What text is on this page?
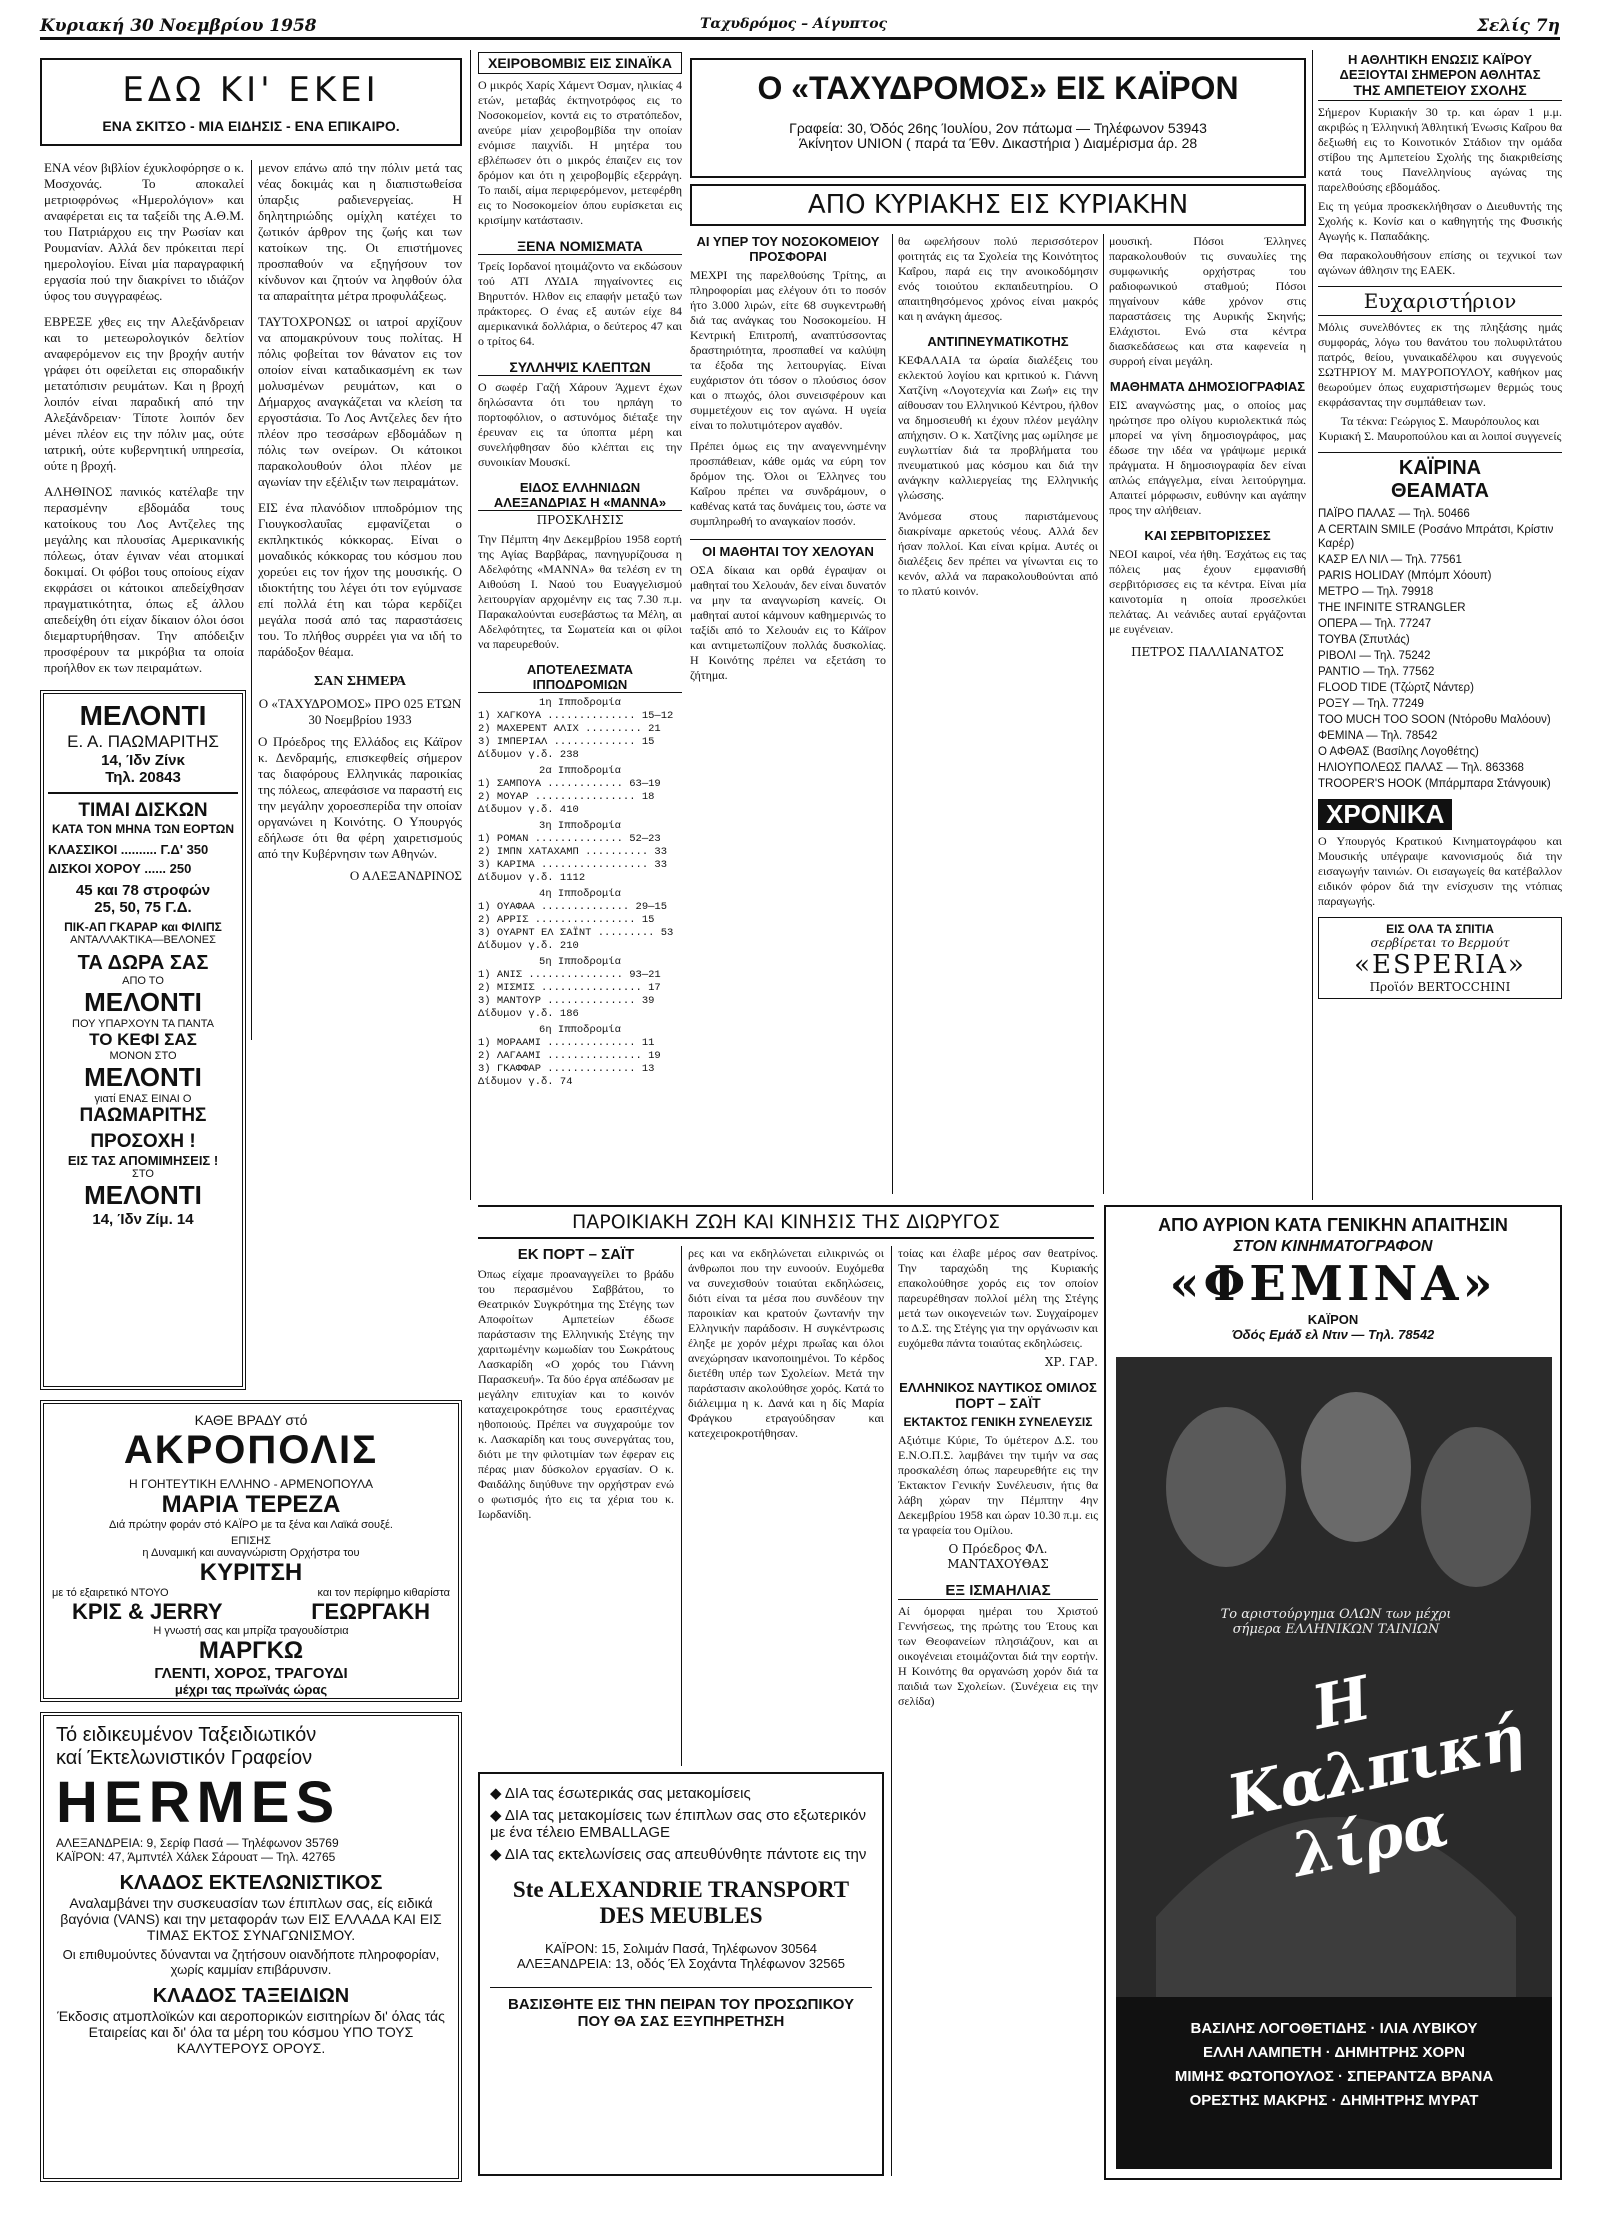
Κυριακή 30 Νοεμβρίου 1958	Ταχυδρόμος – Αίγυπτος	Σελίς 7η
ΕΔΩ ΚΙ' ΕΚΕΙ
ΕΝΑ ΣΚΙΤΣΟ - ΜΙΑ ΕΙΔΗΣΙΣ - ΕΝΑ ΕΠΙΚΑΙΡΟ.

ΕΝΑ νέον βιβλίον έχυκλοφόρησε ο κ. Μοσχονάς. Το αποκαλεί μετριοφρόνως «Ημερολόγιον» και αναφέρεται εις τα ταξείδι της Α.Θ.Μ. του Πατριάρχου εις την Ρωσίαν και Ρουμανίαν. Αλλά δεν πρόκειται περί ημερολογίου. Είναι μία παραγραφική εργασία πού την διακρίνει το ιδιάζον ύφος του συγγραφέως.

ΕΒΡΕΞΕ χθες εις την Αλεξάνδρειαν και το μετεωρολογικόν δελτίον αναφερόμενον εις την βροχήν αυτήν γράφει ότι οφείλεται εις σποραδικήν μετατόπισιν ρευμάτων. Και η βροχή λοιπόν είναι παραδική από την Αλεξάνδρειαν· Τίποτε λοιπόν δεν μένει πλέον εις την πόλιν μας, ούτε ιατρική, ούτε κυβερνητική υπηρεσία, ούτε η βροχή.

ΑΛΗΘΙΝΟΣ πανικός κατέλαβε την περασμένην εβδομάδα τους κατοίκους του Λος Αντζελες της μεγάλης και πλουσίας Αμερικανικής πόλεως, όταν έγιναν νέαι ατομικαί δοκιμαί. Οι φόβοι τους οποίους είχαν εκφράσει οι κάτοικοι απεδείχθησαν πραγματικότητα, όπως εξ άλλου απεδείχθη ότι είχαν δίκαιον όλοι όσοι διεμαρτυρήθησαν. Την απόδειξιν προσφέρουν τα μικρόβια τα οποία προήλθον εκ των πειραμάτων.

μενον επάνω από την πόλιν μετά τας νέας δοκιμάς και η διαπιστωθείσα ύπαρξις ραδιενεργείας. Η δηλητηριώδης ομίχλη κατέχει το ζωτικόν άρθρον της ζωής και των κατοίκων της. Οι επιστήμονες προσπαθούν να εξηγήσουν τον κίνδυνον και ζητούν να ληφθούν όλα τα απαραίτητα μέτρα προφυλάξεως.

ΤΑΥΤΟΧΡΟΝΩΣ οι ιατροί αρχίζουν να απομακρύνουν τους πολίτας. Η πόλις φοβείται τον θάνατον εις τον οποίον είναι καταδικασμένη εκ των μολυσμένων ρευμάτων, και ο Δήμαρχος αναγκάζεται να κλείση τα εργοστάσια. Το Λος Αντζελες δεν ήτο πλέον προ τεσσάρων εβδομάδων η πόλις των ονείρων. Οι κάτοικοι παρακολουθούν όλοι πλέον με αγωνίαν την εξέλιξιν των πειραμάτων.

ΕΙΣ ένα πλανόδιον ιπποδρόμιον της Γιουγκοσλαυΐας εμφανίζεται ο εκπληκτικός κόκκορας. Είναι ο μοναδικός κόκκορας του κόσμου που χορεύει εις τον ήχον της μουσικής. Ο ιδιοκτήτης του λέγει ότι τον εγύμνασε επί πολλά έτη και τώρα κερδίζει μεγάλα ποσά από τας παραστάσεις του. Το πλήθος συρρέει για να ιδή το παράδοξον θέαμα.

ΣΑΝ ΣΗΜΕΡΑ

Ο «ΤΑΧΥΔΡΟΜΟΣ» ΠΡΟ 025 ΕΤΩΝ

30 Νοεμβρίου 1933

Ο Πρόεδρος της Ελλάδος εις Κάϊρον κ. Δενδραμής, επισκεφθείς σήμερον τας διαφόρους Ελληνικάς παροικίας της πόλεως, απεφάσισε να παραστή εις την μεγάλην χοροεσπερίδα την οποίαν οργανώνει η Κοινότης. Ο Υπουργός εδήλωσε ότι θα φέρη χαιρετισμούς από την Κυβέρνησιν των Αθηνών.

Ο ΑΛΕΞΑΝΔΡΙΝΟΣ

ΜΕΛΟΝΤΙ
Ε. Α. ΠΑΩΜΑΡΙΤΗΣ
14, Ίδν Ζίνκ
Τηλ. 20843
ΤΙΜΑΙ ΔΙΣΚΩΝ
ΚΑΤΑ ΤΟΝ ΜΗΝΑ ΤΩΝ ΕΟΡΤΩΝ
ΚΛΑΣΣΙΚΟΙ .......... Γ.Δ' 350
ΔΙΣΚΟΙ ΧΟΡΟΥ ...... 250
45 και 78 στροφών
25, 50, 75 Γ.Δ.
ΠΙΚ-ΑΠ ΓΚΑΡΑΡ και ΦΙΛΙΠΣ
ΑΝΤΑΛΛΑΚΤΙΚΑ—ΒΕΛΟΝΕΣ
ΤΑ ΔΩΡΑ ΣΑΣ
ΑΠΟ ΤΟ
ΜΕΛΟΝΤΙ
ΠΟΥ ΥΠΑΡΧΟΥΝ ΤΑ ΠΑΝΤΑ
ΤΟ ΚΕΦΙ ΣΑΣ
ΜΟΝΟΝ ΣΤΟ
ΜΕΛΟΝΤΙ
γιατί ΕΝΑΣ ΕΙΝΑΙ Ο
ΠΑΩΜΑΡΙΤΗΣ
ΠΡΟΣΟΧΗ !
ΕΙΣ ΤΑΣ ΑΠΟΜΙΜΗΣΕΙΣ !
ΣΤΟ
ΜΕΛΟΝΤΙ
14, Ίδν Ζίμ. 14
ΚΑΘΕ ΒΡΑΔΥ στό
ΑΚΡΟΠΟΛΙΣ
Η ΓΟΗΤΕΥΤΙΚΗ ΕΛΛΗΝΟ - ΑΡΜΕΝΟΠΟΥΛΑ
ΜΑΡΙΑ ΤΕΡΕΖΑ
Διά πρώτην φοράν στό ΚΑΪΡΟ με τα ξένα και Λαϊκά σουξέ.
ΕΠΙΣΗΣ
η Δυναμική και αυναγνώριστη Ορχήστρα του
ΚΥΡΙΤΣΗ
με τό εξαιρετικό ΝΤΟΥΟ	και τον περίφημο κιθαρίστα
ΚΡΙΣ & JERRY	ΓΕΩΡΓΑΚΗ
Η γνωστή σας και μπρίζα τραγουδίστρια
ΜΑΡΓΚΩ
ΓΛΕΝΤΙ, ΧΟΡΟΣ, ΤΡΑΓΟΥΔΙ
μέχρι τας πρωϊνάς ώρας
Τό ειδικευμένον Ταξειδιωτικόν
καί Έκτελωνιστικόν Γραφείον
HERMES
ΑΛΕΞΑΝΔΡΕΙΑ: 9, Σερίφ Πασά — Τηλέφωνον 35769
ΚΑΪΡΟΝ: 47, Άμπντέλ Χάλεκ Σάρουατ — Τηλ. 42765
ΚΛΑΔΟΣ ΕΚΤΕΛΩΝΙΣΤΙΚΟΣ
Αναλαμβάνει την συσκευασίαν των έπιπλων σας, είς ειδικά βαγόνια (VANS) και την μεταφοράν των ΕΙΣ ΕΛΛΑΔΑ ΚΑΙ ΕΙΣ ΤΙΜΑΣ ΕΚΤΟΣ ΣΥΝΑΓΩΝΙΣΜΟΥ.
Οι επιθυμούντες δύνανται να ζητήσουν οιανδήποτε πληροφορίαν, χωρίς καμμίαν επιβάρυνσιν.
ΚΛΑΔΟΣ ΤΑΞΕΙΔΙΩΝ
Έκδοσις ατμοπλοϊκών και αεροπορικών εισιτηρίων δι' όλας τάς Εταιρείας και δι' όλα τα μέρη του κόσμου ΥΠΟ ΤΟΥΣ ΚΑΛΥΤΕΡΟΥΣ ΟΡΟΥΣ.
ΧΕΙΡΟΒΟΜΒΙΣ ΕΙΣ ΣΙΝΑΪΚΑ

Ο μικρός Χαρίς Χάμεντ Όσμαν, ηλικίας 4 ετών, μεταβάς έκτηνοτρόφος εις το Νοσοκομείον, κοντά εις το στρατόπεδον, ανεύρε μίαν χειροβομβίδα την οποίαν ενόμισε παιχνίδι. Η μητέρα του εβλέπωσεν ότι ο μικρός έπαιζεν εις τον δρόμον και ότι η χειροβομβίς εξερράγη. Το παιδί, αίμα περιφερόμενον, μετεφέρθη εις το Νοσοκομείον όπου ευρίσκεται εις κρισίμην κατάστασιν.

ΞΕΝΑ ΝΟΜΙΣΜΑΤΑ

Τρείς Ιορδανοί ητοιμάζοντο να εκδώσουν τού ΑΤΙ ΛΥΔΙΑ πηγαίνοντες εις Βηρυττόν. Ηλθον εις επαφήν μεταξύ των πράκτορες. Ο ένας εξ αυτών είχε 84 αμερικανικά δολλάρια, ο δεύτερος 47 και ο τρίτος 64.

ΣΥΛΛΗΨΙΣ ΚΛΕΠΤΩΝ

Ο σωφέρ Γαζή Χάρουν Άχμεντ έχων δηλώσαντα ότι του ηρπάγη το πορτοφόλιον, ο αστυνόμος διέταξε την έρευναν εις τα ύποπτα μέρη και συνελήφθησαν δύο κλέπται εις την συνοικίαν Μουσκί.

ΕΙΔΟΣ ΕΛΛΗΝΙΔΩΝ ΑΛΕΞΑΝΔΡΙΑΣ Η «ΜΑΝΝΑ»
ΠΡΟΣΚΛΗΣΙΣ

Την Πέμπτη 4ην Δεκεμβρίου 1958 εορτή της Αγίας Βαρβάρας, πανηγυρίζουσα η Αδελφότης «ΜΑΝΝΑ» θα τελέση εν τη Αιθούση Ι. Ναού του Ευαγγελισμού λειτουργίαν αρχομένην εις τας 7.30 π.μ. Παρακαλούνται ευσεβάστως τα Μέλη, αι Αδελφότητες, τα Σωματεία και οι φίλοι να παρευρεθούν.

ΑΠΟΤΕΛΕΣΜΑΤΑ ΙΠΠΟΔΡΟΜΙΩΝ
1η Ιπποδρομία
1) ΧΑΓΚΟΥΑ .............. 15—12
2) ΜΑΧΕΡΕΝΤ ΑΛΙΧ ......... 21
3) ΙΜΠΕΡΙΑΛ ............. 15
Δίδυμον γ.δ. 238
2α Ιπποδρομία
1) ΣΑΜΠΟΥΑ ............ 63—19
2) ΜΟΥΑΡ ................ 18
Δίδυμον γ.δ. 410
3η Ιπποδρομία
1) ΡΟΜΑΝ .............. 52—23
2) ΙΜΠΝ ΧΑΤΑΧΑΜΠ .......... 33
3) ΚΑΡΙΜΑ ................. 33
Δίδυμον γ.δ. 1112
4η Ιπποδρομία
1) ΟΥΑΦΑΑ .............. 29—15
2) ΑΡΡΙΣ ................ 15
3) ΟΥΑΡΝΤ ΕΛ ΣΑΪΝΤ ......... 53
Δίδυμον γ.δ. 210
5η Ιπποδρομία
1) ΑΝΙΣ ............... 93—21
2) ΜΙΣΜΙΣ ................ 17
3) ΜΑΝΤΟΥΡ .............. 39
Δίδυμον γ.δ. 186
6η Ιπποδρομία
1) ΜΟΡΑΑΜΙ .............. 11
2) ΛΑΓΑΑΜΙ ............... 19
3) ΓΚΑΦΦΑΡ .............. 13
Δίδυμον γ.δ. 74
Ο «ΤΑΧΥΔΡΟΜΟΣ» ΕΙΣ ΚΑΪΡΟΝ
Γραφεία: 30, Όδός 26ης Ίουλίου, 2ον πάτωμα — Τηλέφωνον 53943
Άκίνητον UNION ( παρά τα Έθν. Δικαστήρια ) Διαμέρισμα άρ. 28
ΑΠΟ ΚΥΡΙΑΚΗΣ ΕΙΣ ΚΥΡΙΑΚΗΝ
ΑΙ ΥΠΕΡ ΤΟΥ ΝΟΣΟΚΟΜΕΙΟΥ ΠΡΟΣΦΟΡΑΙ

ΜΕΧΡΙ της παρελθούσης Τρίτης, αι πληροφορίαι μας ελέγουν ότι το ποσόν ήτο 3.000 λιρών, είτε 68 συγκεντρωθή διά τας ανάγκας του Νοσοκομείου. Η Κεντρική Επιτροπή, αναπτύσσοντας δραστηριότητα, προσπαθεί να καλύψη τα έξοδα της λειτουργίας. Είναι ευχάριστον ότι τόσον ο πλούσιος όσον και ο πτωχός, όλοι συνεισφέρουν και συμμετέχουν εις τον αγώνα. Η υγεία είναι το πολυτιμότερον αγαθόν.

Πρέπει όμως εις την αναγεννημένην προσπάθειαν, κάθε ομάς να εύρη τον δρόμον της. Όλοι οι Έλληνες του Καΐρου πρέπει να συνδράμουν, ο καθένας κατά τας δυνάμεις του, ώστε να συμπληρωθή το αναγκαίον ποσόν.

ΟΙ ΜΑΘΗΤΑΙ ΤΟΥ ΧΕΛΟΥΑΝ

ΟΣΑ δίκαια και ορθά έγραψαν οι μαθηταί του Χελουάν, δεν είναι δυνατόν να μην τα αναγνωρίση κανείς. Οι μαθηταί αυτοί κάμνουν καθημερινώς το ταξίδι από το Χελουάν εις το Κάϊρον και αντιμετωπίζουν πολλάς δυσκολίας. Η Κοινότης πρέπει να εξετάση το ζήτημα.

θα ωφελήσουν πολύ περισσότερον φοιτητάς εις τα Σχολεία της Κοινότητος Καΐρου, παρά εις την ανοικοδόμησιν ενός τοιούτου εκπαιδευτηρίου. Ο απαιτηθησόμενος χρόνος είναι μακρός και η ανάγκη άμεσος.

ΑΝΤΙΠΝΕΥΜΑΤΙΚΟΤΗΣ

ΚΕΦΑΛΑΙΑ τα ώραία διαλέξεις του εκλεκτού λογίου και κριτικού κ. Γιάννη Χατζίνη «Λογοτεχνία και Ζωή» εις την αίθουσαν του Ελληνικού Κέντρου, ήλθον να δημοσιευθή κι έχουν πλέον μεγάλην απήχησιν. Ο κ. Χατζίνης μας ωμίλησε με ευγλωττίαν διά τα προβλήματα του πνευματικού μας κόσμου και διά την ανάγκην καλλιεργείας της Ελληνικής γλώσσης.

Άνόμεσα στους παριστάμενους διακρίναμε αρκετούς νέους. Αλλά δεν ήσαν πολλοί. Και είναι κρίμα. Αυτές οι διαλέξεις δεν πρέπει να γίνωνται εις το κενόν, αλλά να παρακολουθούνται από το πλατύ κοινόν.

μουσική. Πόσοι Έλληνες παρακολουθούν τις συναυλίες της συμφωνικής ορχήστρας του ραδιοφωνικού σταθμού; Πόσοι πηγαίνουν κάθε χρόνον στις παραστάσεις της Αυρικής Σκηνής; Ελάχιστοι. Ενώ στα κέντρα διασκεδάσεως και στα καφενεία η συρροή είναι μεγάλη.

ΜΑΘΗΜΑΤΑ ΔΗΜΟΣΙΟΓΡΑΦΙΑΣ

ΕΙΣ αναγνώστης μας, ο οποίος μας ηρώτησε προ ολίγου κυριολεκτικά πώς μπορεί να γίνη δημοσιογράφος, μας έδωσε την ιδέα να γράψωμε μερικά πράγματα. Η δημοσιογραφία δεν είναι απλώς επάγγελμα, είναι λειτούργημα. Απαιτεί μόρφωσιν, ευθύνην και αγάπην προς την αλήθειαν.

ΚΑΙ ΣΕΡΒΙΤΟΡΙΣΣΕΣ

ΝΕΟΙ καιροί, νέα ήθη. Έσχάτως εις τας πόλεις μας έχουν εμφανισθή σερβιτόρισσες εις τα κέντρα. Είναι μία καινοτομία η οποία προσελκύει πελάτας. Αι νεάνιδες αυταί εργάζονται με ευγένειαν.

ΠΕΤΡΟΣ ΠΑΛΛΙΑΝΑΤΟΣ

Η ΑΘΛΗΤΙΚΗ ΕΝΩΣΙΣ ΚΑΪΡΟΥ
ΔΕΞΙΟΥΤΑΙ ΣΗΜΕΡΟΝ ΑΘΛΗΤΑΣ
ΤΗΣ ΑΜΠΕΤΕΙΟΥ ΣΧΟΛΗΣ

Σήμερον Κυριακήν 30 τρ. και ώραν 1 μ.μ. ακριβώς η Έλληνική Άθλητική Ένωσις Καΐρου θα δεξιωθή εις το Κοινοτικόν Στάδιον την ομάδα στίβου της Αμπετείου Σχολής της διακριθείσης κατά τους Πανελληνίους αγώνας της παρελθούσης εβδομάδος.

Εις τη γεύμα προσκεκλήθησαν ο Διευθυντής της Σχολής κ. Κονίσ και ο καθηγητής της Φυσικής Αγωγής κ. Παπαδάκης.

Θα παρακολουθήσουν επίσης οι τεχνικοί των αγώνων άθλησιν της ΕΑΕΚ.

Ευχαριστήριον

Μόλις συνελθόντες εκ της πληξάσης ημάς συμφοράς, λόγω του θανάτου του πολυφιλτάτου πατρός, θείου, γυναικαδέλφου και συγγενούς ΣΩΤΗΡΙΟΥ Μ. ΜΑΥΡΟΠΟΥΛΟΥ, καθήκον μας θεωρούμεν όπως ευχαριστήσωμεν θερμώς τους εκφράσαντας την συμπάθειαν των.

Τα τέκνα: Γεώργιος Σ. Μαυρόπουλος και Κυριακή Σ. Μαυροπούλου και αι λοιποί συγγενείς

ΚΑΪΡΙΝΑ
ΘΕΑΜΑΤΑ
ΠΑΪΡΟ ΠΑΛΑΣ — Τηλ. 50466
A CERTAIN SMILE (Ροσάνο Μπράτσι, Κρίστιν Καρέρ)
ΚΑΣΡ ΕΛ ΝΙΛ — Τηλ. 77561
PARIS HOLIDAY (Μπόμπ Χόουπ)
ΜΕΤΡΟ — Τηλ. 79918
THE INFINITE STRANGLER
ΟΠΕΡΑ — Τηλ. 77247
ΤΟΥΒΑ (Σπυτλάς)
ΡΙΒΟΛΙ — Τηλ. 75242
ΡΑΝΤΙΟ — Τηλ. 77562
FLOOD TIDE (Τζώρτζ Νάντερ)
ΡΟΞΥ — Τηλ. 77249
TOO MUCH TOO SOON (Ντόροθυ Μαλόουν)
ΦΕΜΙΝΑ — Τηλ. 78542
Ο ΑΦΘΑΣ (Βασίλης Λογοθέτης)
ΗΛΙΟΥΠΟΛΕΩΣ ΠΑΛΑΣ — Τηλ. 863368
TROOPER'S HOOK (Μπάρμπαρα Στάνγουικ)
ΧΡΟΝΙΚΑ

Ο Υπουργός Κρατικού Κινηματογράφου και Μουσικής υπέγραψε κανονισμούς διά την εισαγωγήν ταινιών. Οι εισαγωγείς θα κατέβαλλον ειδικόν φόρον διά την ενίσχυσιν της ντόπιας παραγωγής.

ΕΙΣ ΟΛΑ ΤΑ ΣΠΙΤΙΑ
σερβίρεται το Βερμούτ
«ESPERIA»
Προϊόν BERTOCCHINI
ΠΑΡΟΙΚΙΑΚΗ ΖΩΗ ΚΑΙ ΚΙΝΗΣΙΣ ΤΗΣ ΔΙΩΡΥΓΟΣ
ΕΚ ΠΟΡΤ – ΣΑΪΤ

Όπως είχαμε προαναγγείλει το βράδυ του περασμένου Σαββάτου, το Θεατρικόν Συγκρότημα της Στέγης των Αποφοίτων Αμπετείων έδωσε παράστασιν της Ελληνικής Στέγης την χαριτωμένην κωμωδίαν του Σωκράτους Λασκαρίδη «Ο χορός του Γιάννη Παρασκευή». Τα δύο έργα απέδωσαν με μεγάλην επιτυχίαν και το κοινόν καταχειροκρότησε τους ερασιτέχνας ηθοποιούς. Πρέπει να συγχαρούμε τον κ. Λασκαρίδη και τους συνεργάτας του, διότι με την φιλοτιμίαν των έφεραν εις πέρας μιαν δύσκολον εργασίαν. Ο κ. Φαιδάλης διηύθυνε την ορχήστραν ενώ ο φωτισμός ήτο εις τα χέρια του κ. Ιωρδανίδη.

ρες και να εκδηλώνεται ειλικρινώς οι άνθρωποι που την ευνοούν. Ευχόμεθα να συνεχισθούν τοιαύται εκδηλώσεις, διότι είναι τα μέσα που συνδέουν την παροικίαν και κρατούν ζωντανήν την Ελληνικήν παράδοσιν. Η συγκέντρωσις έληξε με χορόν μέχρι πρωΐας και όλοι ανεχώρησαν ικανοποιημένοι. Το κέρδος διετέθη υπέρ των Σχολείων. Μετά την παράστασιν ακολούθησε χορός. Κατά το διάλειμμα η κ. Δανά και η δίς Μαρία Φράγκου ετραγούδησαν και κατεχειροκροτήθησαν.

τοίας και έλαβε μέρος σαν θεατρίνος. Την ταραχώδη της Κυριακής επακολούθησε χορός εις τον οποίον παρευρέθησαν πολλοί μέλη της Στέγης μετά των οικογενειών των. Συγχαίρομεν το Δ.Σ. της Στέγης για την οργάνωσιν και ευχόμεθα πάντα τοιαύτας εκδηλώσεις.

ΧΡ. ΓΑΡ.

ΕΛΛΗΝΙΚΟΣ ΝΑΥΤΙΚΟΣ ΟΜΙΛΟΣ
ΠΟΡΤ – ΣΑΪΤ
ΕΚΤΑΚΤΟΣ ΓΕΝΙΚΗ ΣΥΝΕΛΕΥΣΙΣ

Αξιότιμε Κύριε, Το ύμέτερον Δ.Σ. του Ε.Ν.Ο.Π.Σ. λαμβάνει την τιμήν να σας προσκαλέση όπως παρευρεθήτε εις την Έκτακτον Γενικήν Συνέλευσιν, ήτις θα λάβη χώραν την Πέμπτην 4ην Δεκεμβρίου 1958 και ώραν 10.30 π.μ. εις τα γραφεία του Ομίλου.

Ο Πρόεδρος ΦΛ. ΜΑΝΤΑΧΟΥΘΑΣ

ΕΞ ΙΣΜΑΗΛΙΑΣ

Αί όμορφαι ημέραι του Χριστού Γεννήσεως, της πρώτης του Έτους και των Θεοφανείων πλησιάζουν, και αι οικογένειαι ετοιμάζονται διά την εορτήν. Η Κοινότης θα οργανώση χορόν διά τα παιδιά των Σχολείων. (Συνέχεια εις την σελίδα)

◆ ΔΙΑ τας έσωτερικάς σας μετακομίσεις
◆ ΔΙΑ τας μετακομίσεις των έπιπλων σας στο εξωτερικόν με ένα τέλειο EMBALLAGE
◆ ΔΙΑ τας εκτελωνίσεις σας απευθύνθητε πάντοτε εις την
Ste ALEXANDRIE TRANSPORT
DES MEUBLES
ΚΑΪΡΟΝ: 15, Σολιμάν Πασά, Τηλέφωνον 30564
ΑΛΕΞΑΝΔΡΕΙΑ: 13, οδός Έλ Σοχάντα Τηλέφωνον 32565
ΒΑΣΙΣΘΗΤΕ ΕΙΣ ΤΗΝ ΠΕΙΡΑΝ ΤΟΥ ΠΡΟΣΩΠΙΚΟΥ ΠΟΥ ΘΑ ΣΑΣ ΕΞΥΠΗΡΕΤΗΣΗ
ΑΠΟ ΑΥΡΙΟΝ ΚΑΤΑ ΓΕΝΙΚΗΝ ΑΠΑΙΤΗΣΙΝ
ΣΤΟΝ ΚΙΝΗΜΑΤΟΓΡΑΦΟΝ
«ΦΕΜΙΝΑ»
ΚΑΪΡΟΝ
Όδός Εμάδ ελ Ντιν — Τηλ. 78542
Το αριστούργημα ΟΛΩΝ των μέχρι σήμερα ΕΛΛΗΝΙΚΩΝ ΤΑΙΝΙΩΝ
Η Καλπική λίρα
ΒΑΣΙΛΗΣ ΛΟΓΟΘΕΤΙΔΗΣ · ΙΛΙΑ ΛΥΒΙΚΟΥ
ΕΛΛΗ ΛΑΜΠΕΤΗ · ΔΗΜΗΤΡΗΣ ΧΟΡΝ
ΜΙΜΗΣ ΦΩΤΟΠΟΥΛΟΣ · ΣΠΕΡΑΝΤΖΑ ΒΡΑΝΑ
ΟΡΕΣΤΗΣ ΜΑΚΡΗΣ · ΔΗΜΗΤΡΗΣ ΜΥΡΑΤ
